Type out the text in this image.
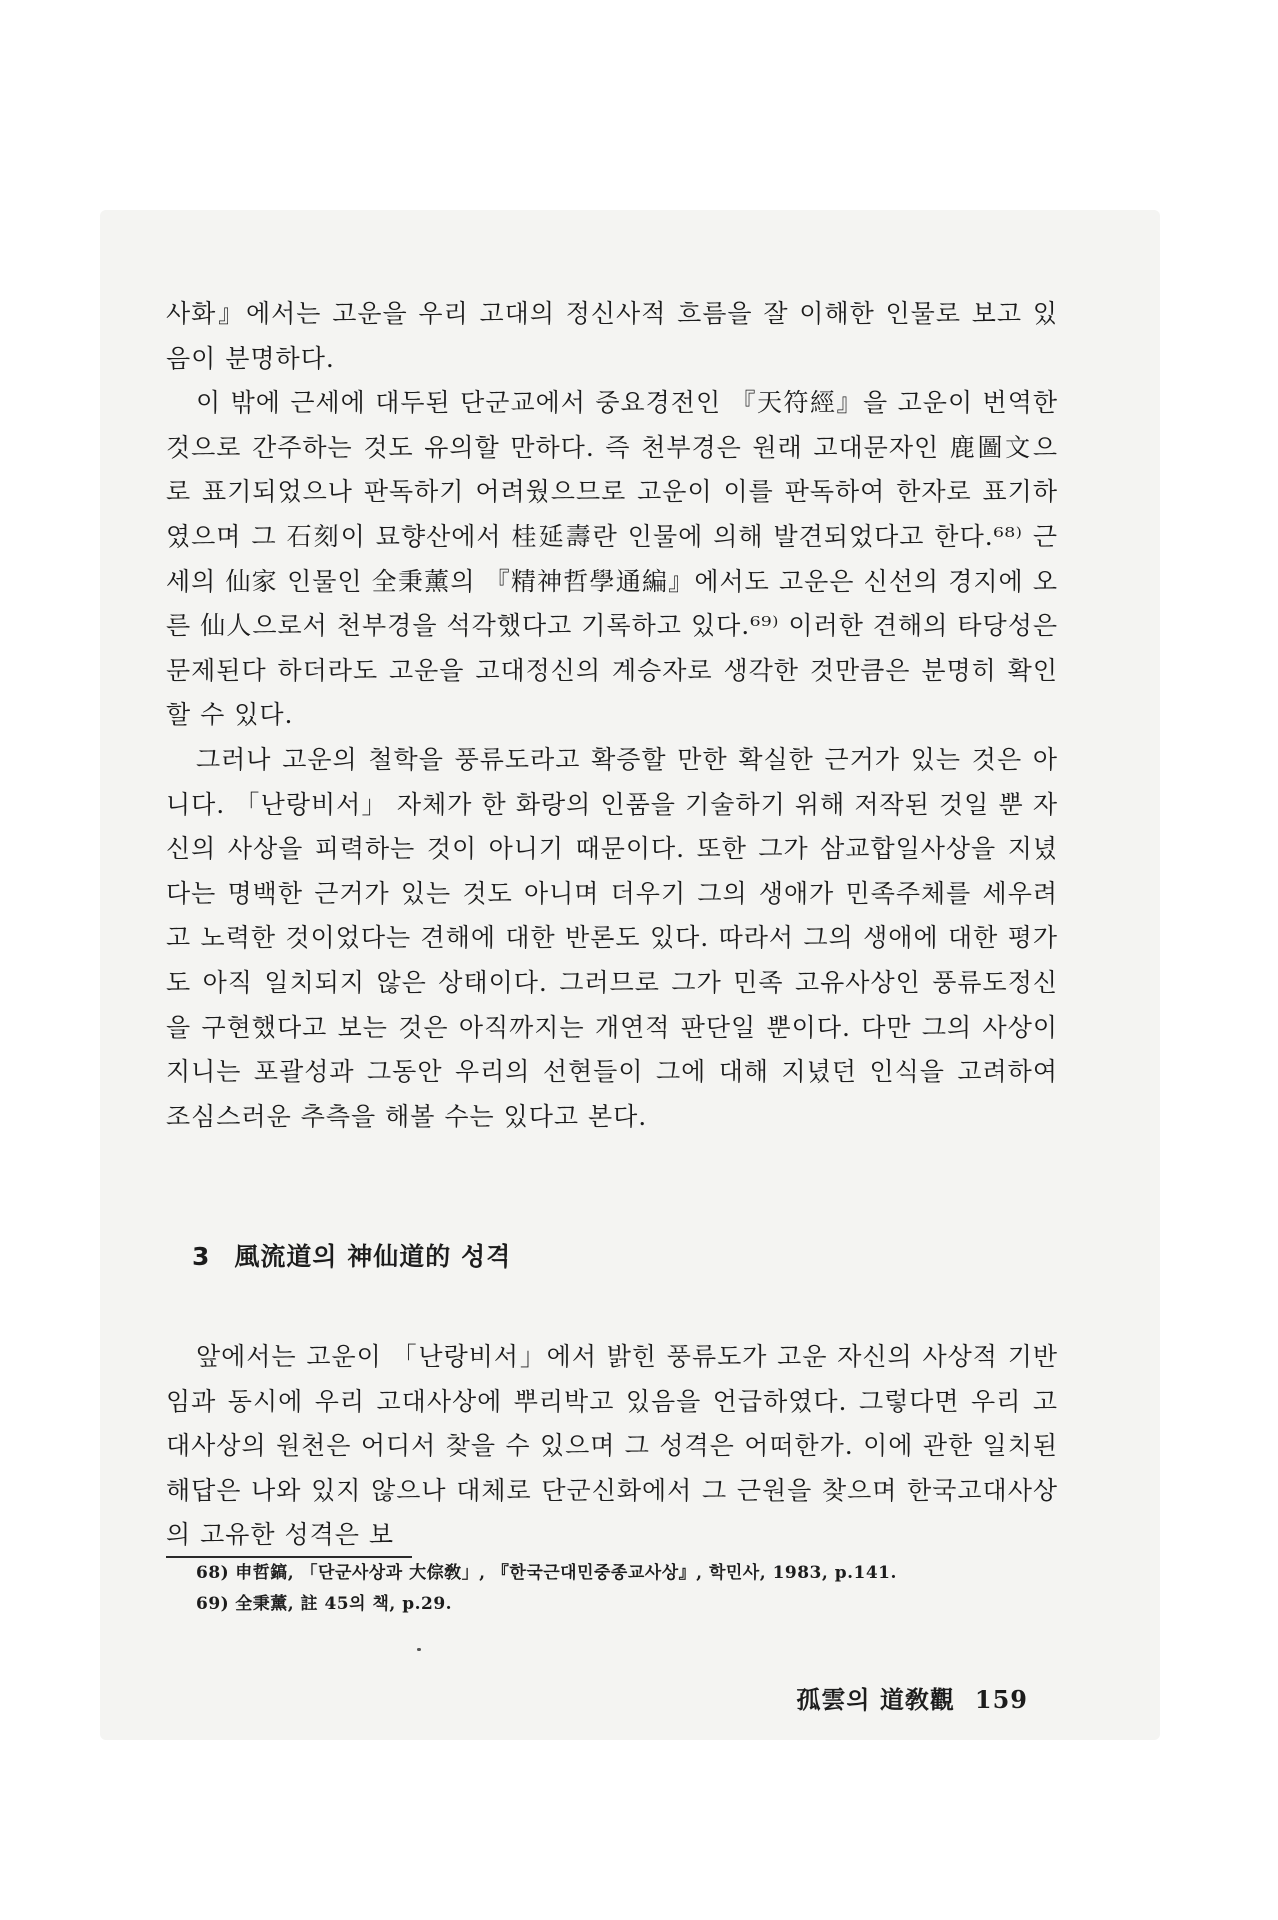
사화』에서는 고운을 우리 고대의 정신사적 흐름을 잘 이해한 인물로 보고 있음이 분명하다.

이 밖에 근세에 대두된 단군교에서 중요경전인 『天符經』을 고운이 번역한 것으로 간주하는 것도 유의할 만하다. 즉 천부경은 원래 고대문자인 鹿圖文으로 표기되었으나 판독하기 어려웠으므로 고운이 이를 판독하여 한자로 표기하였으며 그 石刻이 묘향산에서 桂延壽란 인물에 의해 발견되었다고 한다.⁶⁸⁾ 근세의 仙家 인물인 全秉薰의 『精神哲學通編』에서도 고운은 신선의 경지에 오른 仙人으로서 천부경을 석각했다고 기록하고 있다.⁶⁹⁾ 이러한 견해의 타당성은 문제된다 하더라도 고운을 고대정신의 계승자로 생각한 것만큼은 분명히 확인할 수 있다.

그러나 고운의 철학을 풍류도라고 확증할 만한 확실한 근거가 있는 것은 아니다. 「난랑비서」 자체가 한 화랑의 인품을 기술하기 위해 저작된 것일 뿐 자신의 사상을 피력하는 것이 아니기 때문이다. 또한 그가 삼교합일사상을 지녔다는 명백한 근거가 있는 것도 아니며 더우기 그의 생애가 민족주체를 세우려고 노력한 것이었다는 견해에 대한 반론도 있다. 따라서 그의 생애에 대한 평가도 아직 일치되지 않은 상태이다. 그러므로 그가 민족 고유사상인 풍류도정신을 구현했다고 보는 것은 아직까지는 개연적 판단일 뿐이다. 다만 그의 사상이 지니는 포괄성과 그동안 우리의 선현들이 그에 대해 지녔던 인식을 고려하여 조심스러운 추측을 해볼 수는 있다고 본다.

3 風流道의 神仙道的 성격

앞에서는 고운이 「난랑비서」에서 밝힌 풍류도가 고운 자신의 사상적 기반임과 동시에 우리 고대사상에 뿌리박고 있음을 언급하였다. 그렇다면 우리 고대사상의 원천은 어디서 찾을 수 있으며 그 성격은 어떠한가. 이에 관한 일치된 해답은 나와 있지 않으나 대체로 단군신화에서 그 근원을 찾으며 한국고대사상의 고유한 성격은 보

68) 申哲鎬, 「단군사상과 大倧敎」, 『한국근대민중종교사상』, 학민사, 1983, p.141.
69) 全秉薰, 註 45의 책, p.29.
孤雲의 道敎觀 159
